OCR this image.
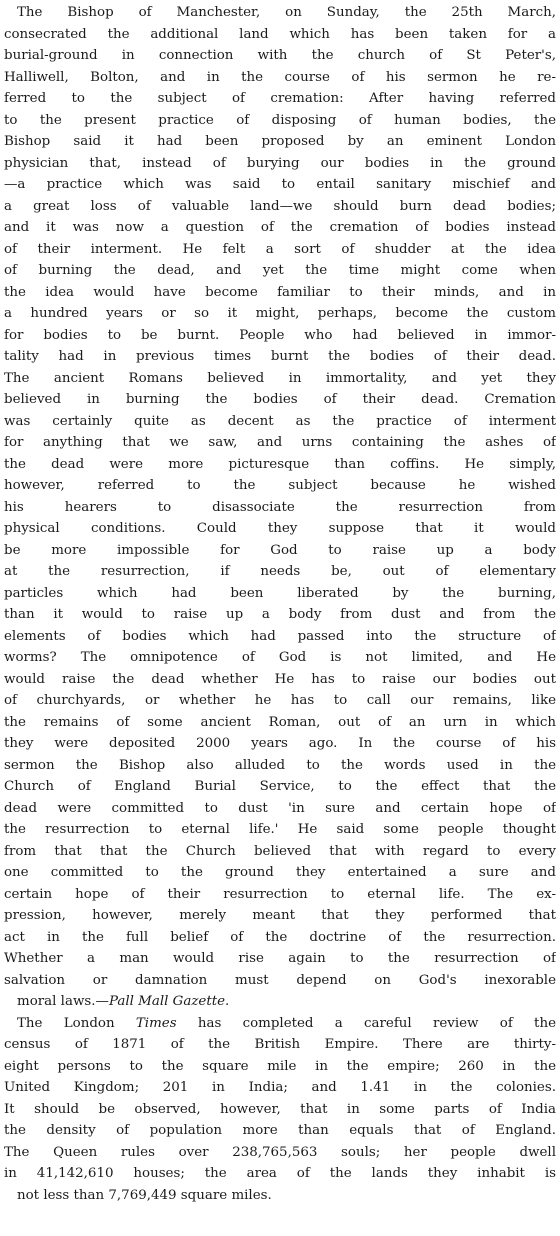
The Bishop of Manchester, on Sunday, the 25th March,
consecrated the additional land which has been taken for a
burial-ground in connection with the church of St Peter's,
Halliwell, Bolton, and in the course of his sermon he re-
ferred to the subject of cremation: After having referred
to the present practice of disposing of human bodies, the
Bishop said it had been proposed by an eminent London
physician that, instead of burying our bodies in the ground
—a practice which was said to entail sanitary mischief and
a great loss of valuable land—we should burn dead bodies;
and it was now a question of the cremation of bodies instead
of their interment. He felt a sort of shudder at the idea
of burning the dead, and yet the time might come when
the idea would have become familiar to their minds, and in
a hundred years or so it might, perhaps, become the custom
for bodies to be burnt. People who had believed in immor-
tality had in previous times burnt the bodies of their dead.
The ancient Romans believed in immortality, and yet they
believed in burning the bodies of their dead. Cremation
was certainly quite as decent as the practice of interment
for anything that we saw, and urns containing the ashes of
the dead were more picturesque than coffins. He simply,
however, referred to the subject because he wished
his hearers to disassociate the resurrection from
physical conditions. Could they suppose that it would
be more impossible for God to raise up a body
at the resurrection, if needs be, out of elementary
particles which had been liberated by the burning,
than it would to raise up a body from dust and from the
elements of bodies which had passed into the structure of
worms? The omnipotence of God is not limited, and He
would raise the dead whether He has to raise our bodies out
of churchyards, or whether he has to call our remains, like
the remains of some ancient Roman, out of an urn in which
they were deposited 2000 years ago. In the course of his
sermon the Bishop also alluded to the words used in the
Church of England Burial Service, to the effect that the
dead were committed to dust 'in sure and certain hope of
the resurrection to eternal life.' He said some people thought
from that that the Church believed that with regard to every
one committed to the ground they entertained a sure and
certain hope of their resurrection to eternal life. The ex-
pression, however, merely meant that they performed that
act in the full belief of the doctrine of the resurrection.
Whether a man would rise again to the resurrection of
salvation or damnation must depend on God's inexorable
moral laws.—Pall Mall Gazette.
The London Times has completed a careful review of the
census of 1871 of the British Empire. There are thirty-
eight persons to the square mile in the empire; 260 in the
United Kingdom; 201 in India; and 1.41 in the colonies.
It should be observed, however, that in some parts of India
the density of population more than equals that of England.
The Queen rules over 238,765,563 souls; her people dwell
in 41,142,610 houses; the area of the lands they inhabit is
not less than 7,769,449 square miles.
